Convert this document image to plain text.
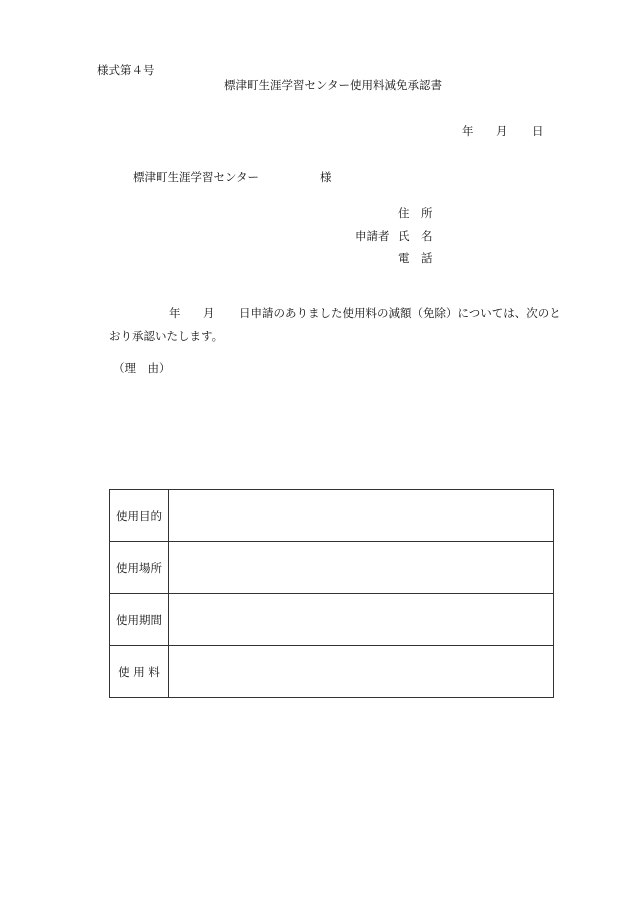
様式第４号
標津町生涯学習センター使用料減免承認書
年 月 日
標津町生涯学習センター	様
住　所
申請者 氏　名
電　話
年 月 日申請のありました使用料の減額（免除）については、次のと
おり承認いたします。
（理　由）
使用目的	
使用場所	
使用期間	
使 用 料	
